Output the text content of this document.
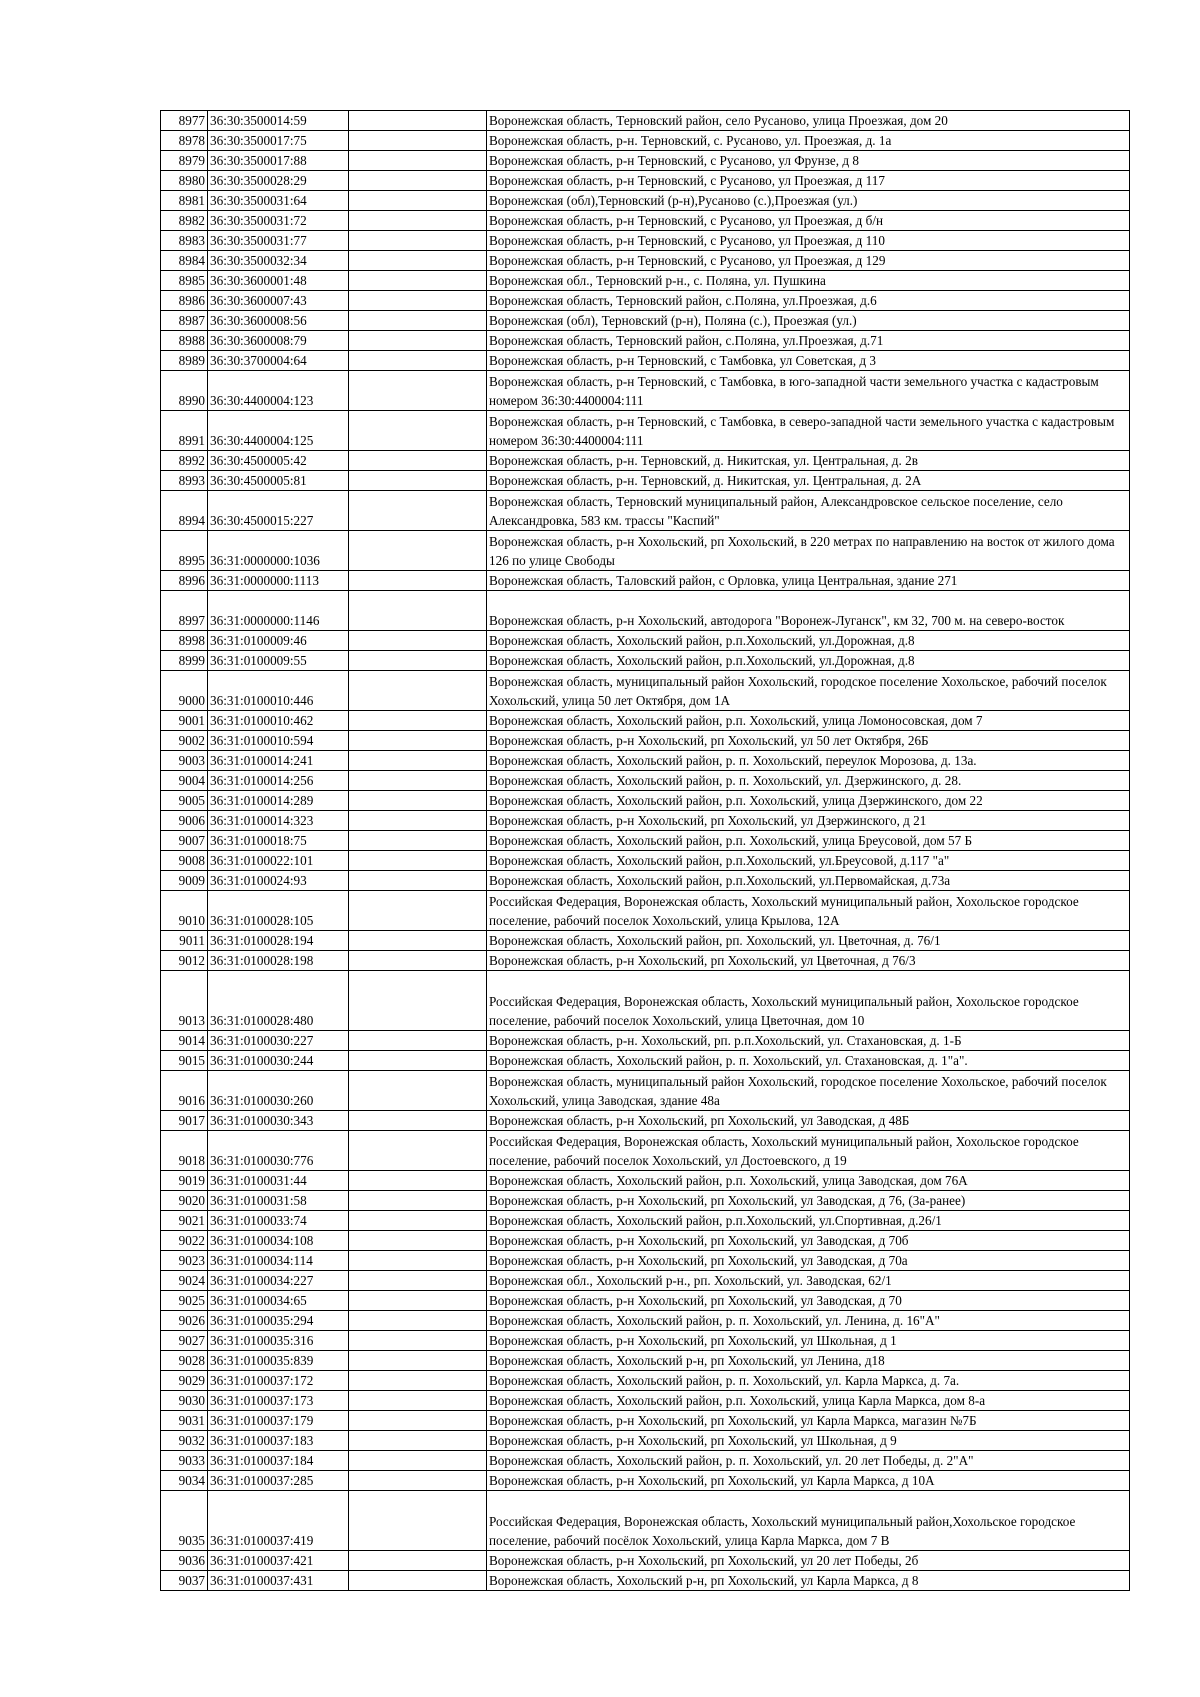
8977	36:30:3500014:59		Воронежская область, Терновский район, село Русаново, улица Проезжая, дом 20
8978	36:30:3500017:75		Воронежская область, р-н. Терновский, с. Русаново, ул. Проезжая, д. 1а
8979	36:30:3500017:88		Воронежская область, р-н Терновский, с Русаново, ул Фрунзе, д 8
8980	36:30:3500028:29		Воронежская область, р-н Терновский, с Русаново, ул Проезжая, д 117
8981	36:30:3500031:64		Воронежская (обл),Терновский (р-н),Русаново (с.),Проезжая (ул.)
8982	36:30:3500031:72		Воронежская область, р-н Терновский, с Русаново, ул Проезжая, д б/н
8983	36:30:3500031:77		Воронежская область, р-н Терновский, с Русаново, ул Проезжая, д 110
8984	36:30:3500032:34		Воронежская область, р-н Терновский, с Русаново, ул Проезжая, д 129
8985	36:30:3600001:48		Воронежская обл., Терновский р-н., с. Поляна, ул. Пушкина
8986	36:30:3600007:43		Воронежская область, Терновский район, с.Поляна, ул.Проезжая, д.6
8987	36:30:3600008:56		Воронежская (обл), Терновский (р-н), Поляна (с.), Проезжая (ул.)
8988	36:30:3600008:79		Воронежская область, Терновский район, с.Поляна, ул.Проезжая, д.71
8989	36:30:3700004:64		Воронежская область, р-н Терновский, с Тамбовка, ул Советская, д 3
8990	36:30:4400004:123		Воронежская область, р-н Терновский, с Тамбовка, в юго-западной части земельного участка с кадастровым номером 36:30:4400004:111
8991	36:30:4400004:125		Воронежская область, р-н Терновский, с Тамбовка, в северо-западной части земельного участка с кадастровым номером 36:30:4400004:111
8992	36:30:4500005:42		Воронежская область, р-н. Терновский, д. Никитская, ул. Центральная, д. 2в
8993	36:30:4500005:81		Воронежская область, р-н. Терновский, д. Никитская, ул. Центральная, д. 2А
8994	36:30:4500015:227		Воронежская область, Терновский муниципальный район, Александровское сельское поселение, село Александровка, 583 км. трассы "Каспий"
8995	36:31:0000000:1036		Воронежская область, р-н Хохольский, рп Хохольский, в 220 метрах по направлению на восток от жилого дома 126 по улице Свободы
8996	36:31:0000000:1113		Воронежская область, Таловский район, с Орловка, улица Центральная, здание 271
8997	36:31:0000000:1146		Воронежская область, р-н Хохольский, автодорога "Воронеж-Луганск", км 32, 700 м. на северо-восток
8998	36:31:0100009:46		Воронежская область, Хохольский район, р.п.Хохольский, ул.Дорожная, д.8
8999	36:31:0100009:55		Воронежская область, Хохольский район, р.п.Хохольский, ул.Дорожная, д.8
9000	36:31:0100010:446		Воронежская область, муниципальный район Хохольский, городское поселение Хохольское, рабочий поселок Хохольский, улица 50 лет Октября, дом 1А
9001	36:31:0100010:462		Воронежская область, Хохольский район, р.п. Хохольский, улица Ломоносовская, дом 7
9002	36:31:0100010:594		Воронежская область, р-н Хохольский, рп Хохольский, ул 50 лет Октября, 26Б
9003	36:31:0100014:241		Воронежская область, Хохольский район, р. п. Хохольский, переулок Морозова, д. 13а.
9004	36:31:0100014:256		Воронежская область, Хохольский район, р. п. Хохольский, ул. Дзержинского, д. 28.
9005	36:31:0100014:289		Воронежская область, Хохольский район, р.п. Хохольский, улица Дзержинского, дом 22
9006	36:31:0100014:323		Воронежская область, р-н Хохольский, рп Хохольский, ул Дзержинского, д 21
9007	36:31:0100018:75		Воронежская область, Хохольский район, р.п. Хохольский, улица Бреусовой, дом 57 Б
9008	36:31:0100022:101		Воронежская область, Хохольский район, р.п.Хохольский, ул.Бреусовой, д.117 "а"
9009	36:31:0100024:93		Воронежская область, Хохольский район, р.п.Хохольский, ул.Первомайская, д.73а
9010	36:31:0100028:105		Российская Федерация, Воронежская область, Хохольский муниципальный район, Хохольское городское поселение, рабочий поселок Хохольский, улица Крылова, 12А
9011	36:31:0100028:194		Воронежская область, Хохольский район, рп. Хохольский, ул. Цветочная, д. 76/1
9012	36:31:0100028:198		Воронежская область, р-н Хохольский, рп Хохольский, ул Цветочная, д 76/3
9013	36:31:0100028:480		Российская Федерация, Воронежская область, Хохольский муниципальный район, Хохольское городское поселение, рабочий поселок Хохольский, улица Цветочная, дом 10
9014	36:31:0100030:227		Воронежская область, р-н. Хохольский, рп. р.п.Хохольский, ул. Стахановская, д. 1-Б
9015	36:31:0100030:244		Воронежская область, Хохольский район, р. п. Хохольский, ул. Стахановская, д. 1"а".
9016	36:31:0100030:260		Воронежская область, муниципальный район Хохольский, городское поселение Хохольское, рабочий поселок Хохольский, улица Заводская, здание 48а
9017	36:31:0100030:343		Воронежская область, р-н Хохольский, рп Хохольский, ул Заводская, д 48Б
9018	36:31:0100030:776		Российская Федерация, Воронежская область, Хохольский муниципальный район, Хохольское городское поселение, рабочий поселок Хохольский, ул Достоевского, д 19
9019	36:31:0100031:44		Воронежская область, Хохольский район, р.п. Хохольский, улица Заводская, дом 76А
9020	36:31:0100031:58		Воронежская область, р-н Хохольский, рп Хохольский, ул Заводская, д 76, (3а-ранее)
9021	36:31:0100033:74		Воронежская область, Хохольский район, р.п.Хохольский, ул.Спортивная, д.26/1
9022	36:31:0100034:108		Воронежская область, р-н Хохольский, рп Хохольский, ул Заводская, д 70б
9023	36:31:0100034:114		Воронежская область, р-н Хохольский, рп Хохольский, ул Заводская, д 70а
9024	36:31:0100034:227		Воронежская обл., Хохольский р-н., рп. Хохольский, ул. Заводская, 62/1
9025	36:31:0100034:65		Воронежская область, р-н Хохольский, рп Хохольский, ул Заводская, д 70
9026	36:31:0100035:294		Воронежская область, Хохольский район, р. п. Хохольский, ул. Ленина, д. 16"А"
9027	36:31:0100035:316		Воронежская область, р-н Хохольский, рп Хохольский, ул Школьная, д 1
9028	36:31:0100035:839		Воронежская область, Хохольский р-н, рп Хохольский, ул Ленина, д18
9029	36:31:0100037:172		Воронежская область, Хохольский район, р. п. Хохольский, ул. Карла Маркса, д. 7а.
9030	36:31:0100037:173		Воронежская область, Хохольский район, р.п. Хохольский, улица Карла Маркса, дом 8-а
9031	36:31:0100037:179		Воронежская область, р-н Хохольский, рп Хохольский, ул Карла Маркса, магазин №7Б
9032	36:31:0100037:183		Воронежская область, р-н Хохольский, рп Хохольский, ул Школьная, д 9
9033	36:31:0100037:184		Воронежская область, Хохольский район, р. п. Хохольский, ул. 20 лет Победы, д. 2"А"
9034	36:31:0100037:285		Воронежская область, р-н Хохольский, рп Хохольский, ул Карла Маркса, д 10А
9035	36:31:0100037:419		Российская Федерация, Воронежская область, Хохольский муниципальный район,Хохольское городское поселение, рабочий посёлок Хохольский, улица Карла Маркса, дом 7 В
9036	36:31:0100037:421		Воронежская область, р-н Хохольский, рп Хохольский, ул 20 лет Победы, 2б
9037	36:31:0100037:431		Воронежская область, Хохольский р-н, рп Хохольский, ул Карла Маркса, д 8
